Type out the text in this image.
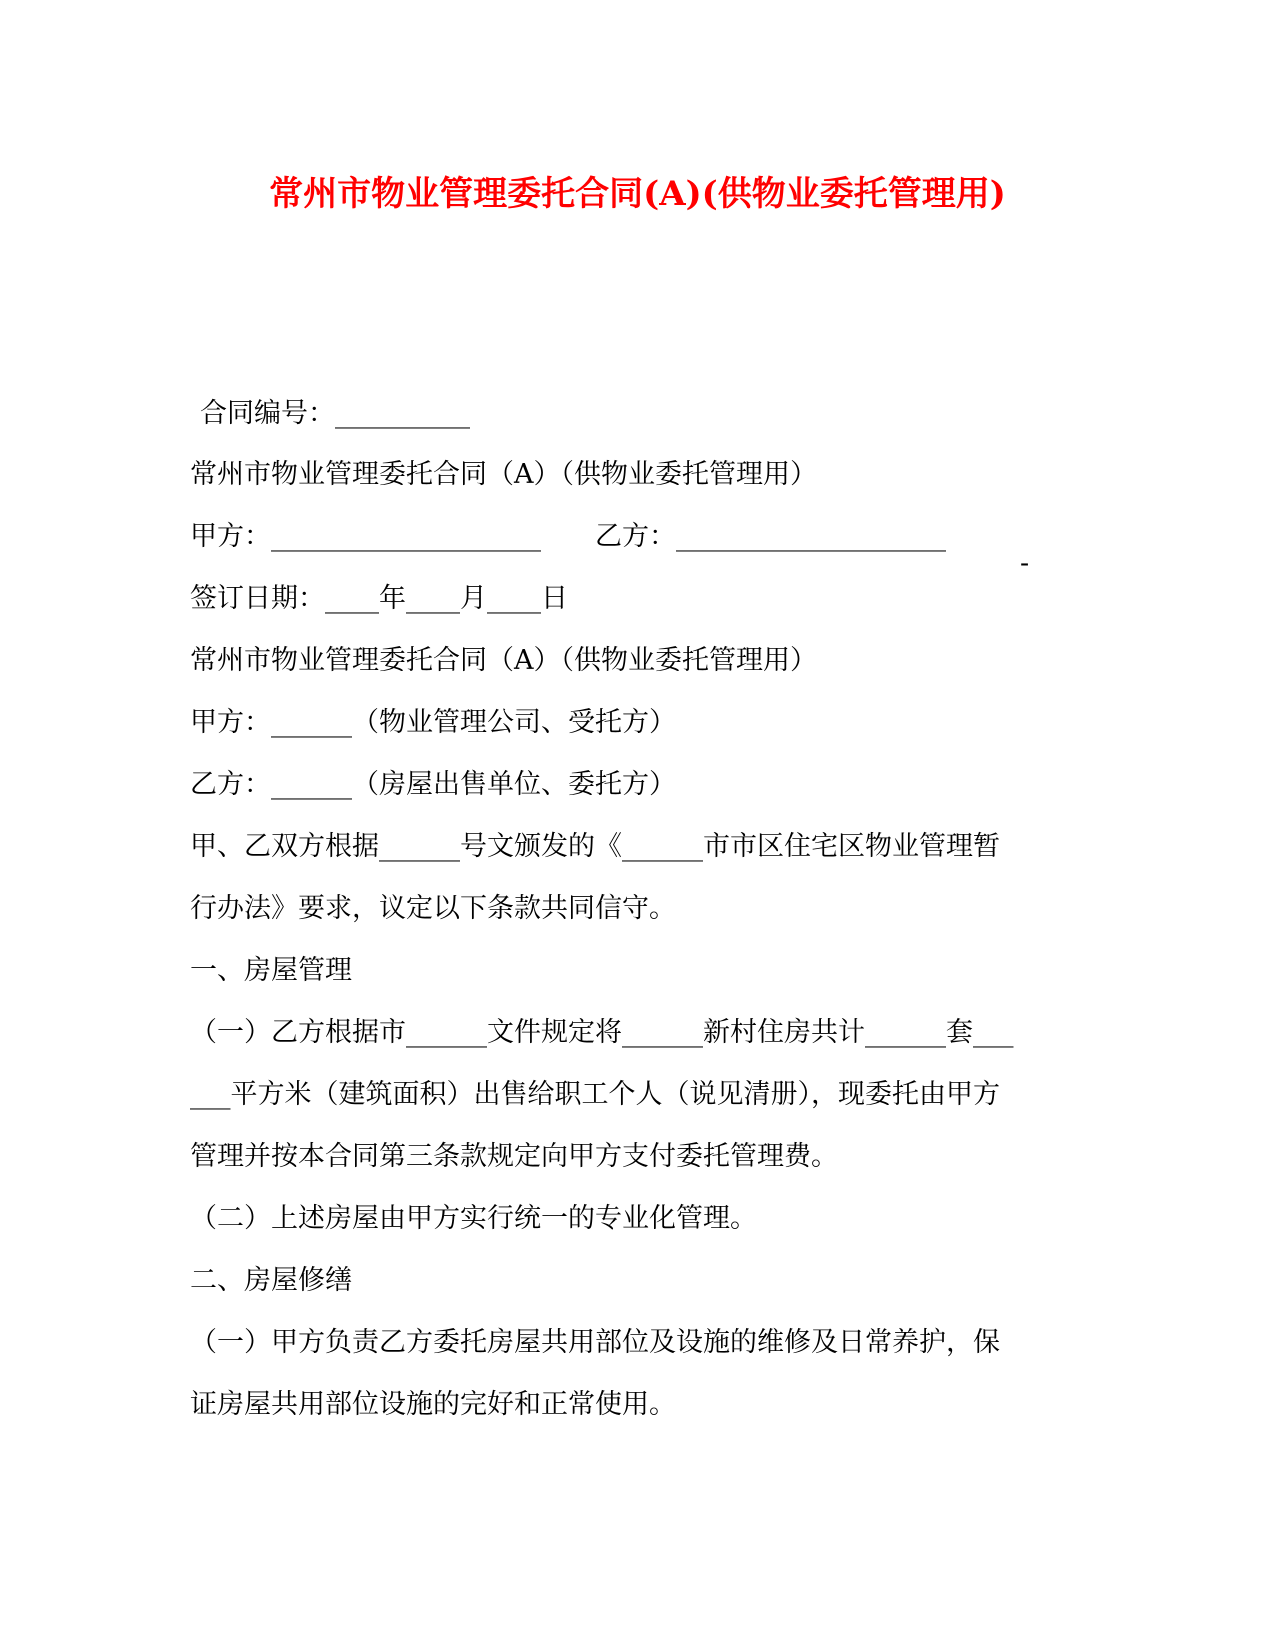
常州市物业管理委托合同(A)(供物业委托管理用)
合同编号：__________
常州市物业管理委托合同（A）（供物业委托管理用）
甲方：____________________　　乙方：____________________
-
签订日期：____年____月____日
常州市物业管理委托合同（A）（供物业委托管理用）
甲方：______（物业管理公司、受托方）
乙方：______（房屋出售单位、委托方）
甲、乙双方根据______号文颁发的《______市市区住宅区物业管理暂
行办法》要求，议定以下条款共同信守。
一、房屋管理
（一）乙方根据市______文件规定将______新村住房共计______套___
___平方米（建筑面积）出售给职工个人（说见清册），现委托由甲方
管理并按本合同第三条款规定向甲方支付委托管理费。
（二）上述房屋由甲方实行统一的专业化管理。
二、房屋修缮
（一）甲方负责乙方委托房屋共用部位及设施的维修及日常养护，保
证房屋共用部位设施的完好和正常使用。
